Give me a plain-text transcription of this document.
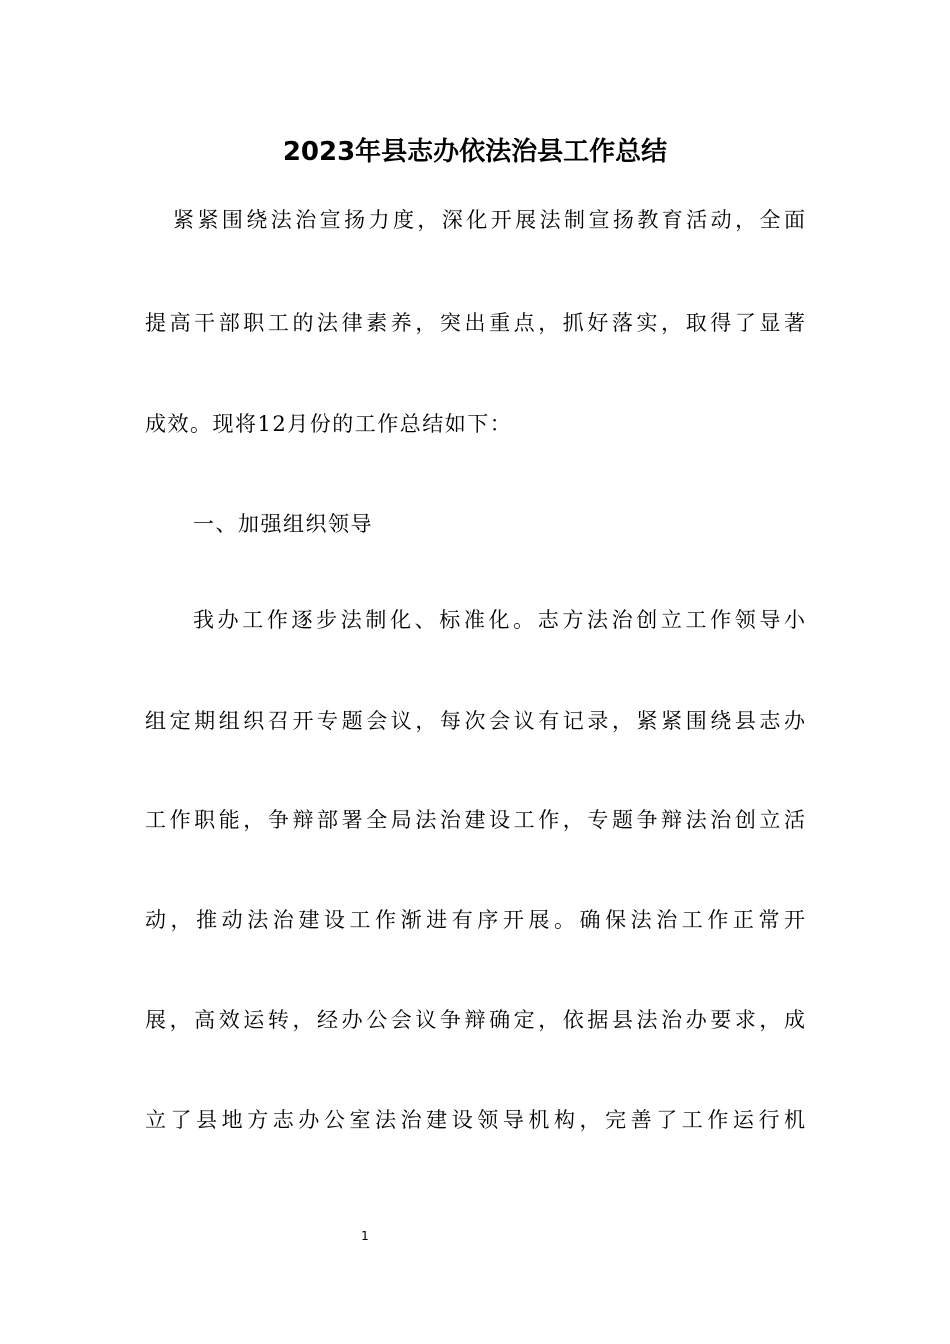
2023年县志办依法治县工作总结
紧紧围绕法治宣扬力度，深化开展法制宣扬教育活动，全面
提高干部职工的法律素养，突出重点，抓好落实，取得了显著
成效。现将12月份的工作总结如下：
一、加强组织领导
我办工作逐步法制化、标准化。志方法治创立工作领导小
组定期组织召开专题会议，每次会议有记录，紧紧围绕县志办
工作职能，争辩部署全局法治建设工作，专题争辩法治创立活
动，推动法治建设工作渐进有序开展。确保法治工作正常开
展，高效运转，经办公会议争辩确定，依据县法治办要求，成
立了县地方志办公室法治建设领导机构，完善了工作运行机
1
